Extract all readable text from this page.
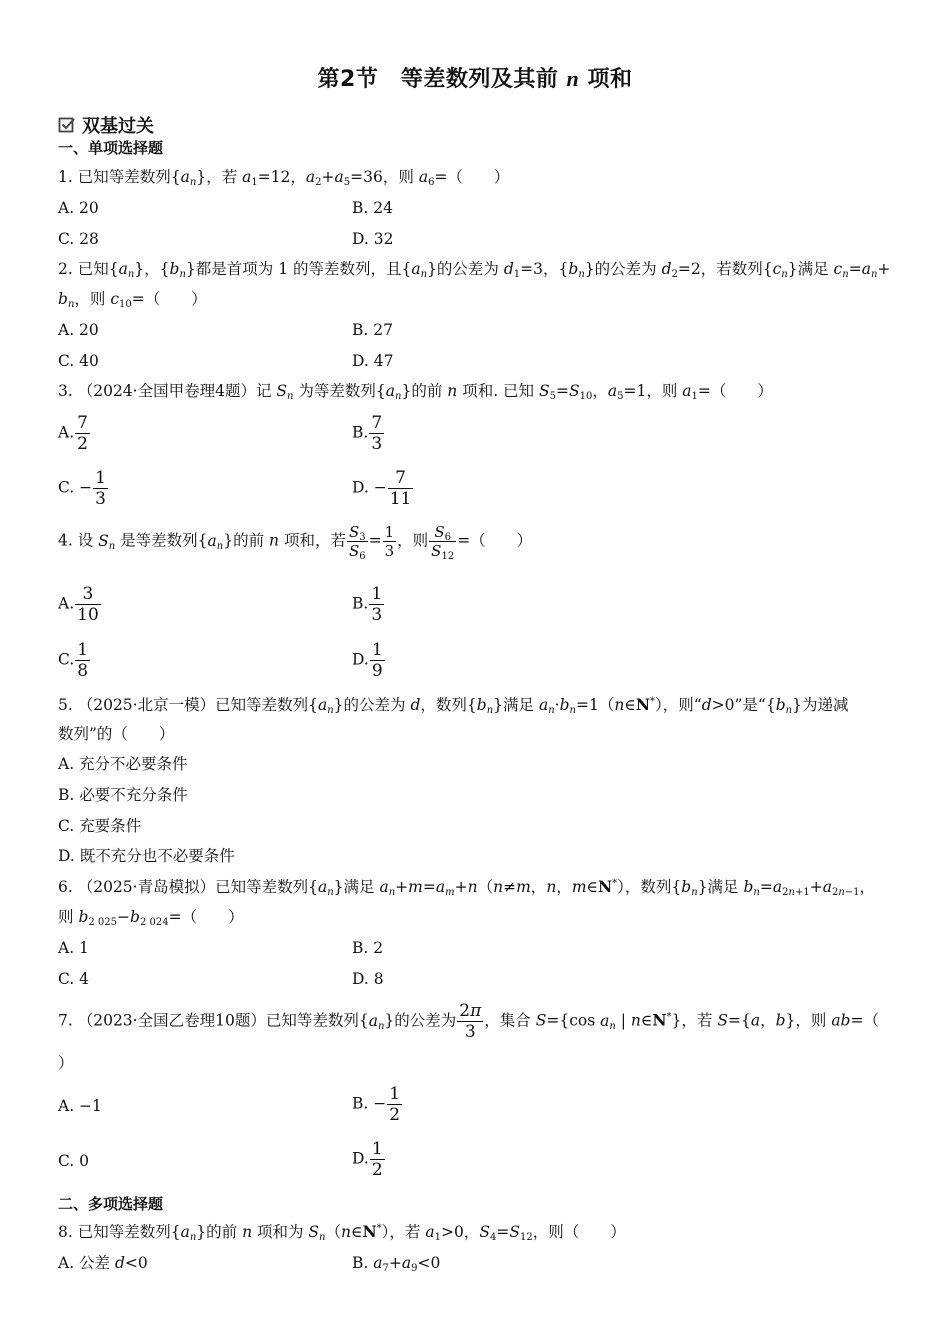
第2节　等差数列及其前 n 项和
双基过关
一、单项选择题
1. 已知等差数列$\{a_n\}$，若 $a_1=12$，$a_2+a_5=36$，则 $a_6=$（　　）
A. 20	B. 24
C. 28	D. 32
2. 已知$\{a_n\}$，$\{b_n\}$都是首项为 1 的等差数列，且$\{a_n\}$的公差为 $d_1=3$，$\{b_n\}$的公差为 $d_2=2$，若数列$\{c_n\}$满足 $c_n=a_n+$
$b_n$，则 $c_{10}=$（　　）
A. 20	B. 27
C. 40	D. 47
3. （2024·全国甲卷理4题）记 $S_n$ 为等差数列$\{a_n\}$的前 n 项和. 已知 $S_5=S_{10}$，$a_5=1$，则 $a_1=$（　　）
A. $\frac{7}{2}$	B. $\frac{7}{3}$
C. − $\frac{1}{3}$	D. − $\frac{7}{11}$
4. 设 $S_n$ 是等差数列$\{a_n\}$的前 n 项和，若 $\frac{S_3}{S_6} = \frac{1}{3}$ ，则 $\frac{S_6}{S_{12}}$ =（　　）
A. $\frac{3}{10}$	B. $\frac{1}{3}$
C. $\frac{1}{8}$	D. $\frac{1}{9}$
5. （2025·北京一模）已知等差数列$\{a_n\}$的公差为 d，数列$\{b_n\}$满足 $a_n\cdot b_n=1(n\in N^*)$，则“d>0”是“$\{b_n\}$为递减
数列”的（　　）
A. 充分不必要条件
B. 必要不充分条件
C. 充要条件
D. 既不充分也不必要条件
6. （2025·青岛模拟）已知等差数列$\{a_n\}$满足 $a_n+m=a_m+n(n\ne m$，n，m∈N*），数列$\{b_n\}$满足 $b_n=a_{2n+1}+a_{2n-1}$，
则 $b_{2 025}-b_{2 024}=$（　　）
A. 1	B. 2
C. 4	D. 8
7. （2023·全国乙卷理10题）已知等差数列$\{a_n\}$的公差为 $\frac{2\pi}{3}$ ，集合 S={cos $a_n$ | n∈N*}，若 S={a，b}，则 ab=（
）
A. −1	B. − $\frac{1}{2}$
C. 0	D. $\frac{1}{2}$
二、多项选择题
8. 已知等差数列$\{a_n\}$的前 n 项和为 $S_n(n\in N^*)$，若 $a_1>0$，$S_4=S_{12}$，则（　　）
A. 公差 d<0	B. $a_7+a_9<0$
